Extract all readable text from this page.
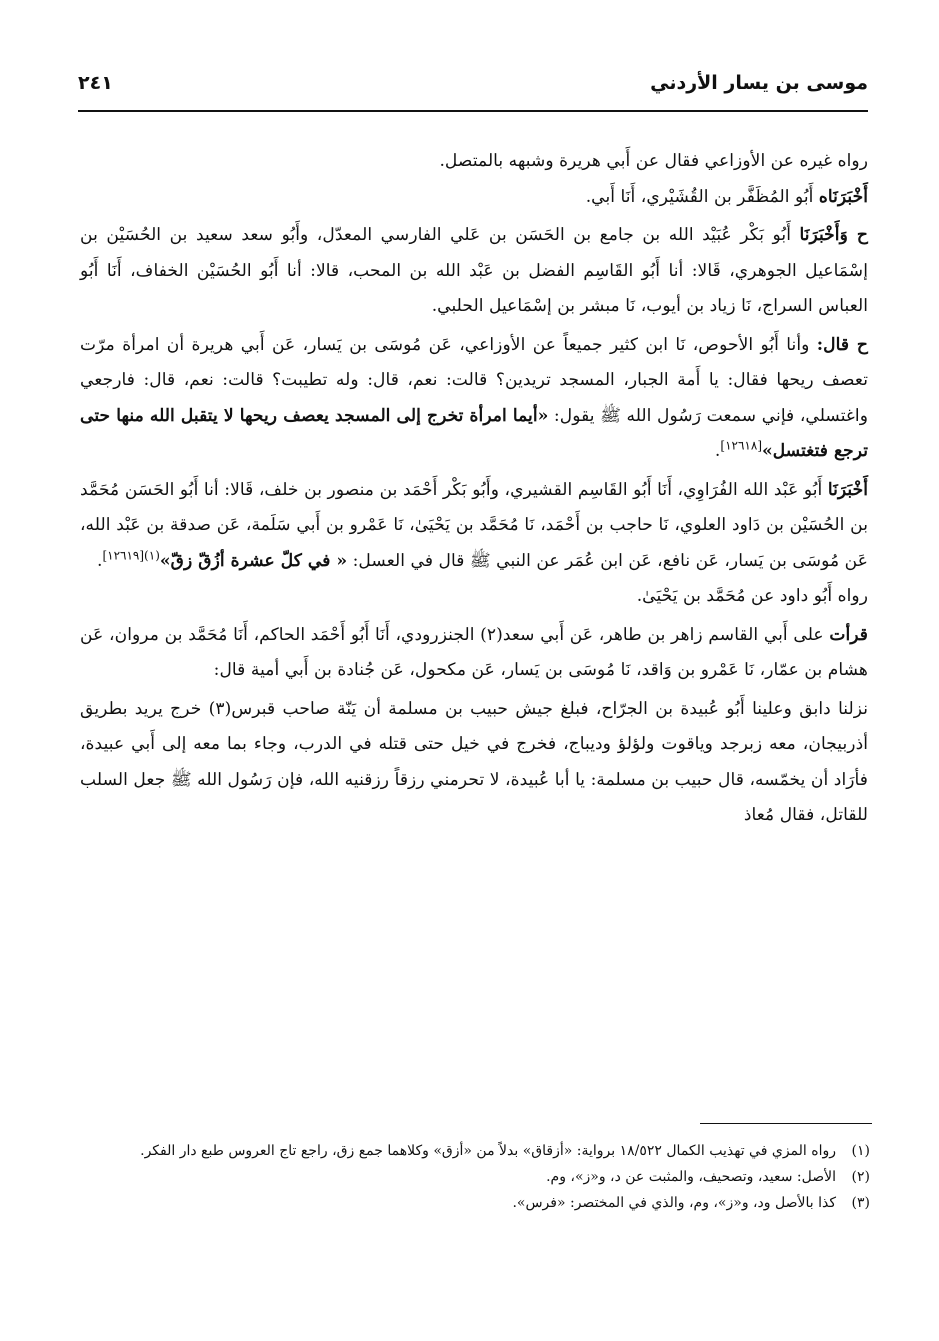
موسى بن يسار الأردني
٢٤١

رواه غيره عن الأوزاعي فقال عن أَبي هريرة وشبهه بالمتصل.

أَخْبَرَنَاه أَبُو المُظَفَّر بن القُشَيْري، أَنَا أَبي.

ح وَأَخْبَرَنَا أَبُو بَكْر عُبَيْد الله بن جامع بن الحَسَن بن عَلي الفارسي المعدّل، وأَبُو سعد سعيد بن الحُسَيْن بن إسْمَاعيل الجوهري، قَالا: أنا أَبُو القَاسِم الفضل بن عَبْد الله بن المحب، قالا: أنا أَبُو الحُسَيْن الخفاف، أَنَا أَبُو العباس السراج، نَا زياد بن أيوب، نَا مبشر بن إسْمَاعيل الحلبي.

ح قال: وأنا أَبُو الأحوص، نَا ابن كثير جميعاً عن الأوزاعي، عَن مُوسَى بن يَسار، عَن أَبي هريرة أن امرأة مرّت تعصف ريحها فقال: يا أَمة الجبار، المسجد تريدين؟ قالت: نعم، قال: وله تطيبت؟ قالت: نعم، قال: فارجعي واغتسلي، فإني سمعت رَسُول الله ﷺ يقول: «أيما امرأة تخرج إلى المسجد يعصف ريحها لا يتقبل الله منها حتى ترجع فتغتسل»[١٢٦١٨].

أَخْبَرَنَا أَبُو عَبْد الله الفُرَاوِي، أَنَا أَبُو القَاسِم القشيري، وأَبُو بَكْر أَحْمَد بن منصور بن خلف، قَالا: أنا أَبُو الحَسَن مُحَمَّد بن الحُسَيْن بن دَاود العلوي، نَا حاجب بن أَحْمَد، نَا مُحَمَّد بن يَحْيَىٰ، نَا عَمْرو بن أَبي سَلَمة، عَن صدقة بن عَبْد الله، عَن مُوسَى بن يَسار، عَن نافع، عَن ابن عُمَر عن النبي ﷺ قال في العسل: « في كلّ عشرة أزُقّ زقّ»$^{(١)[١٢٦١٩]}$.

رواه أَبُو داود عن مُحَمَّد بن يَحْيَىٰ.

قرأت على أَبي القاسم زاهر بن طاهر، عَن أَبي سعد(٢) الجنزرودي، أَنَا أَبُو أَحْمَد الحاكم، أَنَا مُحَمَّد بن مروان، عَن هشام بن عمّار، نَا عَمْرو بن وَاقد، نَا مُوسَى بن يَسار، عَن مكحول، عَن جُنادة بن أَبي أمية قال:

نزلنا دابق وعلينا أَبُو عُبيدة بن الجرّاح، فبلغ جيش حبيب بن مسلمة أن يَنّة صاحب قبرس(٣) خرج يريد بطريق أذربيجان، معه زبرجد وياقوت ولؤلؤ وديباج، فخرج في خيل حتى قتله في الدرب، وجاء بما معه إلى أَبي عبيدة، فأرَاد أن يخمّسه، قال حبيب بن مسلمة: يا أبا عُبيدة، لا تحرمني رزقاً رزقنيه الله، فإن رَسُول الله ﷺ جعل السلب للقاتل، فقال مُعاذ

(١)
رواه المزي في تهذيب الكمال ١٨/٥٢٢ برواية: «أزقاق» بدلاً من «أزق» وكلاهما جمع زق، راجع تاج العروس طبع دار الفكر.
(٢)
الأصل: سعيد، وتصحيف، والمثبت عن د، و«ز»، وم.
(٣)
كذا بالأصل ود، و«ز»، وم، والذي في المختصر: «فرس».
